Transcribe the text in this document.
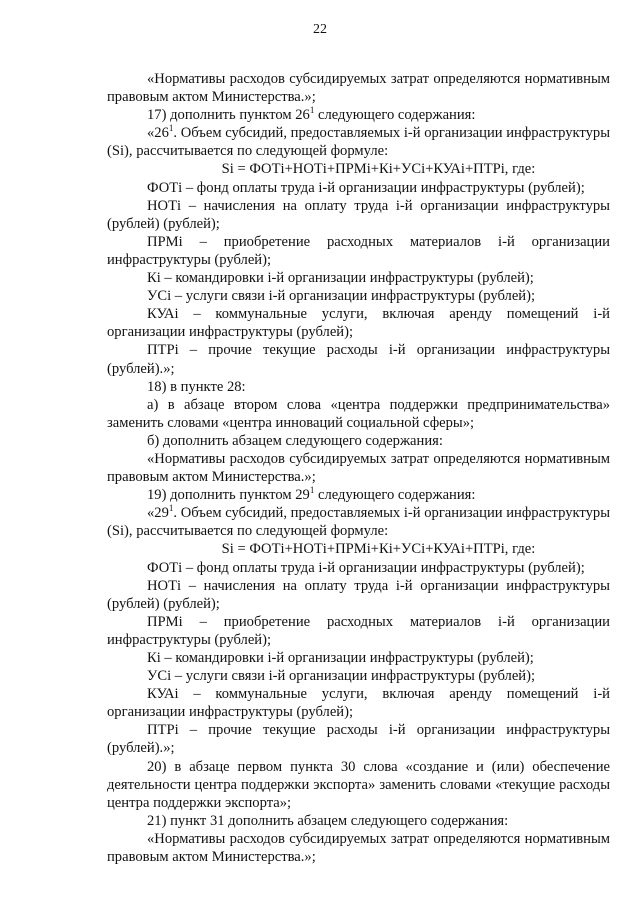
22
«Нормативы расходов субсидируемых затрат определяются нормативным правовым актом Министерства.»;
17) дополнить пунктом $26^1$ следующего содержания:
«$26^1$. Объем субсидий, предоставляемых i-й организации инфраструктуры (Si), рассчитывается по следующей формуле:
Si = ФОТi+НОТi+ПРМi+Кi+УСi+КУАi+ПТРi, где:
ФОТi – фонд оплаты труда i-й организации инфраструктуры (рублей);
НОТi – начисления на оплату труда i-й организации инфраструктуры (рублей) (рублей);
ПРМi – приобретение расходных материалов i-й организации инфраструктуры (рублей);
Кi – командировки i-й организации инфраструктуры (рублей);
УСi – услуги связи i-й организации инфраструктуры (рублей);
КУАi – коммунальные услуги, включая аренду помещений i-й организации инфраструктуры (рублей);
ПТРi – прочие текущие расходы i-й организации инфраструктуры (рублей).»;
18) в пункте 28:
а) в абзаце втором слова «центра поддержки предпринимательства» заменить словами «центра инноваций социальной сферы»;
б) дополнить абзацем следующего содержания:
«Нормативы расходов субсидируемых затрат определяются нормативным правовым актом Министерства.»;
19) дополнить пунктом $29^1$ следующего содержания:
«$29^1$. Объем субсидий, предоставляемых i-й организации инфраструктуры (Si), рассчитывается по следующей формуле:
Si = ФОТi+НОТi+ПРМi+Кi+УСi+КУАi+ПТРi, где:
ФОТi – фонд оплаты труда i-й организации инфраструктуры (рублей);
НОТi – начисления на оплату труда i-й организации инфраструктуры (рублей) (рублей);
ПРМi – приобретение расходных материалов i-й организации инфраструктуры (рублей);
Кi – командировки i-й организации инфраструктуры (рублей);
УСi – услуги связи i-й организации инфраструктуры (рублей);
КУАi – коммунальные услуги, включая аренду помещений i-й организации инфраструктуры (рублей);
ПТРi – прочие текущие расходы i-й организации инфраструктуры (рублей).»;
20) в абзаце первом пункта 30 слова «создание и (или) обеспечение деятельности центра поддержки экспорта» заменить словами «текущие расходы центра поддержки экспорта»;
21) пункт 31 дополнить абзацем следующего содержания:
«Нормативы расходов субсидируемых затрат определяются нормативным правовым актом Министерства.»;
